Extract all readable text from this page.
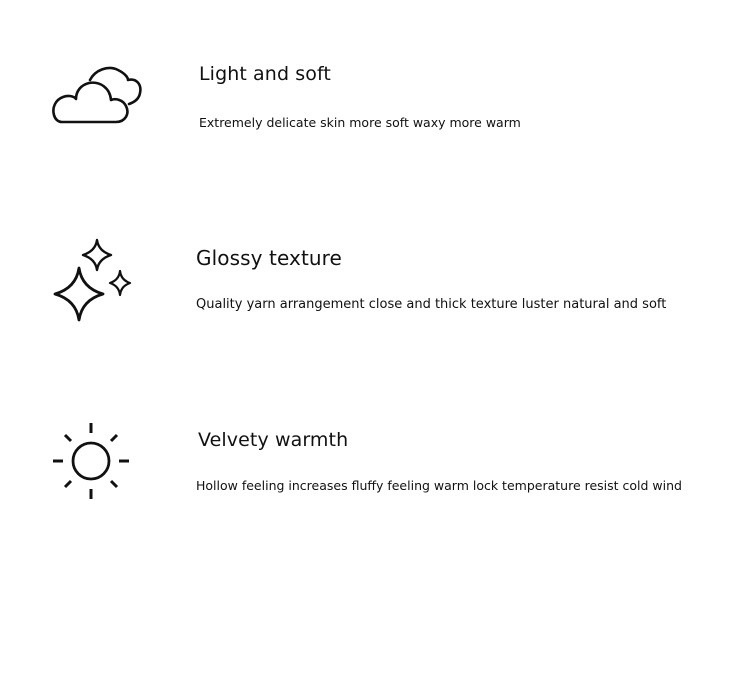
Light and soft
Extremely delicate skin more soft waxy more warm
Glossy texture
Quality yarn arrangement close and thick texture luster natural and soft
Velvety warmth
Hollow feeling increases fluffy feeling warm lock temperature resist cold wind
